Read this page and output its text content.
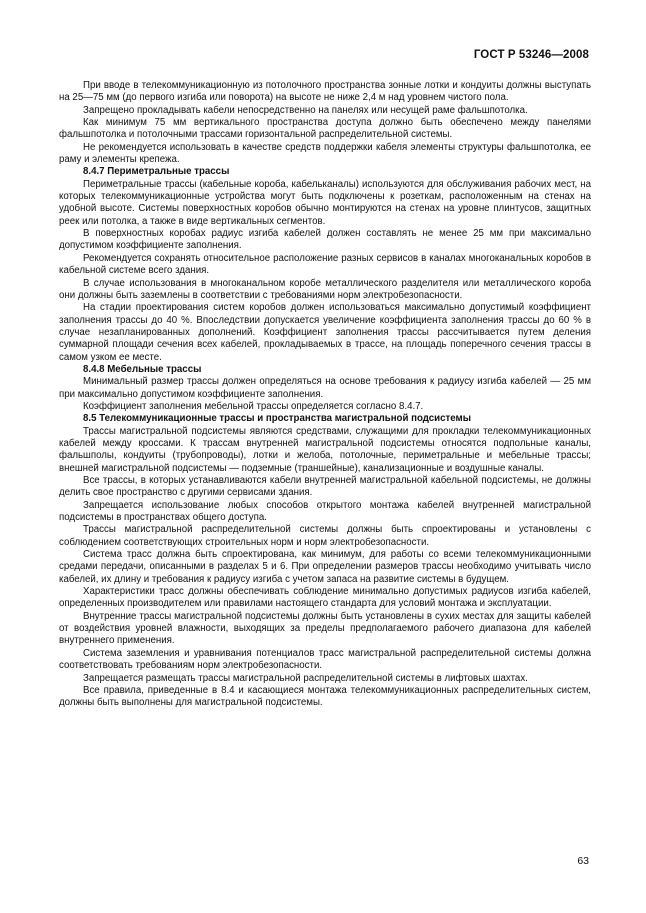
ГОСТ Р 53246—2008

При вводе в телекоммуникационную из потолочного пространства зонные лотки и кондуиты должны выступать на 25—75 мм (до первого изгиба или поворота) на высоте не ниже 2,4 м над уровнем чистого пола.

Запрещено прокладывать кабели непосредственно на панелях или несущей раме фальшпотолка.

Как минимум 75 мм вертикального пространства доступа должно быть обеспечено между панелями фальшпотолка и потолочными трассами горизонтальной распределительной системы.

Не рекомендуется использовать в качестве средств поддержки кабеля элементы структуры фальшпотолка, ее раму и элементы крепежа.

8.4.7 Периметральные трассы

Периметральные трассы (кабельные короба, кабельканалы) используются для обслуживания рабочих мест, на которых телекоммуникационные устройства могут быть подключены к розеткам, расположенным на стенах на удобной высоте. Системы поверхностных коробов обычно монтируются на стенах на уровне плинтусов, защитных реек или потолка, а также в виде вертикальных сегментов.

В поверхностных коробах радиус изгиба кабелей должен составлять не менее 25 мм при максимально допустимом коэффициенте заполнения.

Рекомендуется сохранять относительное расположение разных сервисов в каналах многоканальных коробов в кабельной системе всего здания.

В случае использования в многоканальном коробе металлического разделителя или металлического короба они должны быть заземлены в соответствии с требованиями норм электробезопасности.

На стадии проектирования систем коробов должен использоваться максимально допустимый коэффициент заполнения трассы до 40 %. Впоследствии допускается увеличение коэффициента заполнения трассы до 60 % в случае незапланированных дополнений. Коэффициент заполнения трассы рассчитывается путем деления суммарной площади сечения всех кабелей, прокладываемых в трассе, на площадь поперечного сечения трассы в самом узком ее месте.

8.4.8 Мебельные трассы

Минимальный размер трассы должен определяться на основе требования к радиусу изгиба кабелей — 25 мм при максимально допустимом коэффициенте заполнения.

Коэффициент заполнения мебельной трассы определяется согласно 8.4.7.

8.5 Телекоммуникационные трассы и пространства магистральной подсистемы

Трассы магистральной подсистемы являются средствами, служащими для прокладки телекоммуникационных кабелей между кроссами. К трассам внутренней магистральной подсистемы относятся подпольные каналы, фальшполы, кондуиты (трубопроводы), лотки и желоба, потолочные, периметральные и мебельные трассы; внешней магистральной подсистемы — подземные (траншейные), канализационные и воздушные каналы.

Все трассы, в которых устанавливаются кабели внутренней магистральной кабельной подсистемы, не должны делить свое пространство с другими сервисами здания.

Запрещается использование любых способов открытого монтажа кабелей внутренней магистральной подсистемы в пространствах общего доступа.

Трассы магистральной распределительной системы должны быть спроектированы и установлены с соблюдением соответствующих строительных норм и норм электробезопасности.

Система трасс должна быть спроектирована, как минимум, для работы со всеми телекоммуникационными средами передачи, описанными в разделах 5 и 6. При определении размеров трассы необходимо учитывать число кабелей, их длину и требования к радиусу изгиба с учетом запаса на развитие системы в будущем.

Характеристики трасс должны обеспечивать соблюдение минимально допустимых радиусов изгиба кабелей, определенных производителем или правилами настоящего стандарта для условий монтажа и эксплуатации.

Внутренние трассы магистральной подсистемы должны быть установлены в сухих местах для защиты кабелей от воздействия уровней влажности, выходящих за пределы предполагаемого рабочего диапазона для кабелей внутреннего применения.

Система заземления и уравнивания потенциалов трасс магистральной распределительной системы должна соответствовать требованиям норм электробезопасности.

Запрещается размещать трассы магистральной распределительной системы в лифтовых шахтах.

Все правила, приведенные в 8.4 и касающиеся монтажа телекоммуникационных распределительных систем, должны быть выполнены для магистральной подсистемы.

63
